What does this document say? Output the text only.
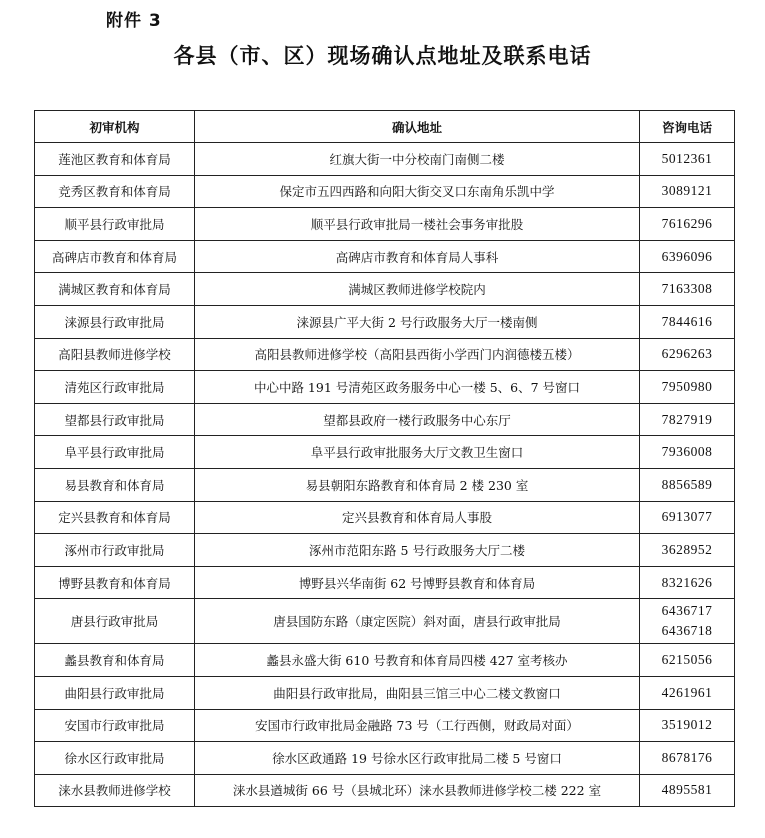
附件 3
各县（市、区）现场确认点地址及联系电话
初审机构	确认地址	咨询电话
莲池区教育和体育局	红旗大街一中分校南门南侧二楼	5012361

竞秀区教育和体育局	保定市五四西路和向阳大街交叉口东南角乐凯中学	3089121

顺平县行政审批局	顺平县行政审批局一楼社会事务审批股	7616296

高碑店市教育和体育局	高碑店市教育和体育局人事科	6396096

满城区教育和体育局	满城区教师进修学校院内	7163308

涞源县行政审批局	涞源县广平大街 2 号行政服务大厅一楼南侧	7844616

高阳县教师进修学校	高阳县教师进修学校（高阳县西街小学西门内润德楼五楼）	6296263

清苑区行政审批局	中心中路 191 号清苑区政务服务中心一楼 5、6、7 号窗口	7950980

望都县行政审批局	望都县政府一楼行政服务中心东厅	7827919

阜平县行政审批局	阜平县行政审批服务大厅文教卫生窗口	7936008

易县教育和体育局	易县朝阳东路教育和体育局 2 楼 230 室	8856589

定兴县教育和体育局	定兴县教育和体育局人事股	6913077

涿州市行政审批局	涿州市范阳东路 5 号行政服务大厅二楼	3628952

博野县教育和体育局	博野县兴华南街 62 号博野县教育和体育局	8321626

唐县行政审批局	唐县国防东路（康定医院）斜对面，唐县行政审批局	6436717
6436718

蠡县教育和体育局	蠡县永盛大街 610 号教育和体育局四楼 427 室考核办	6215056

曲阳县行政审批局	曲阳县行政审批局，曲阳县三馆三中心二楼文教窗口	4261961

安国市行政审批局	安国市行政审批局金融路 73 号（工行西侧，财政局对面）	3519012

徐水区行政审批局	徐水区政通路 19 号徐水区行政审批局二楼 5 号窗口	8678176

涞水县教师进修学校	涞水县遒城街 66 号（县城北环）涞水县教师进修学校二楼 222 室	4895581
